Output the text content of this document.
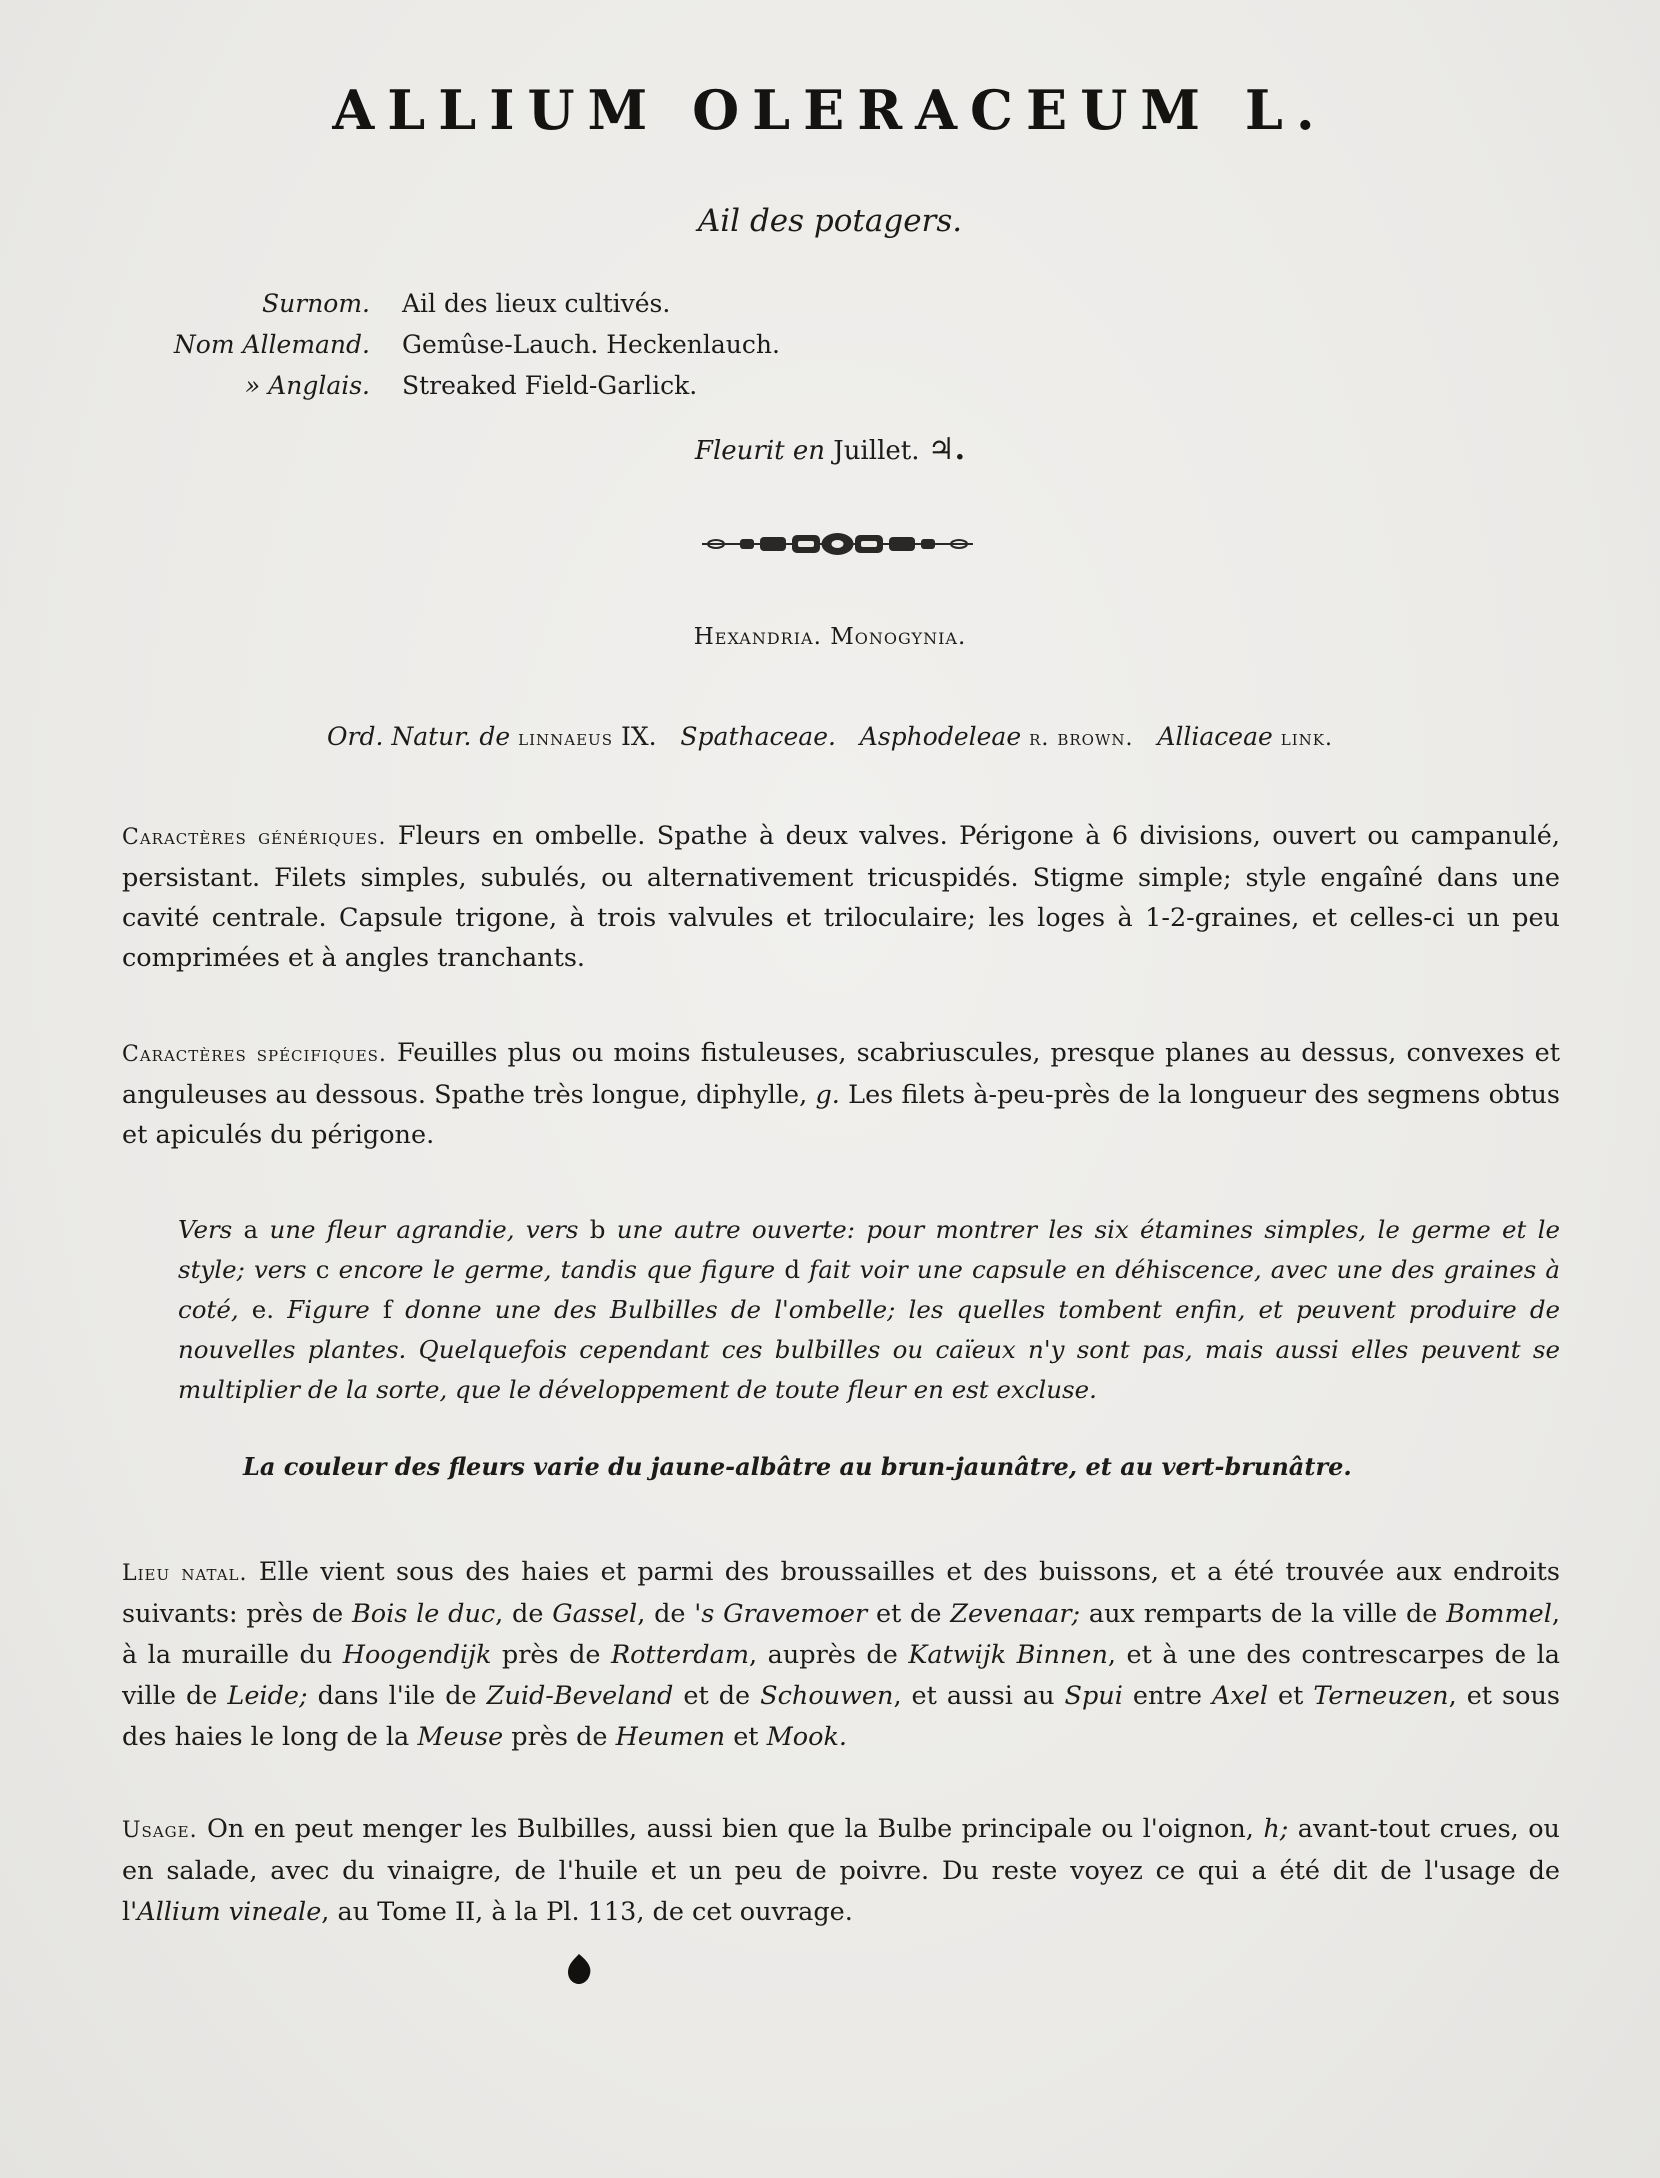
ALLIUM OLERACEUM L.
Ail des potagers.
Surnom.	Ail des lieux cultivés.
Nom Allemand.	Gemûse-Lauch. Heckenlauch.
» Anglais.	Streaked Field-Garlick.
Fleurit en Juillet. ♃.
Hexandria. Monogynia.
Ord. Natur. de linnaeus IX. Spathaceae. Asphodeleae r. brown. Alliaceae link.

Caractères génériques. Fleurs en ombelle. Spathe à deux valves. Périgone à 6 divisions, ouvert ou campanulé, persistant. Filets simples, subulés, ou alternativement tricuspidés. Stigme simple; style engaîné dans une cavité centrale. Capsule trigone, à trois valvules et triloculaire; les loges à 1-2-graines, et celles-ci un peu comprimées et à angles tranchants.

Caractères spécifiques. Feuilles plus ou moins fistuleuses, scabriuscules, presque planes au dessus, convexes et anguleuses au dessous. Spathe très longue, diphylle, g. Les filets à-peu-près de la longueur des segmens obtus et apiculés du périgone.

Vers a une fleur agrandie, vers b une autre ouverte: pour montrer les six étamines simples, le germe et le style; vers c encore le germe, tandis que figure d fait voir une capsule en déhiscence, avec une des graines à coté, e. Figure f donne une des Bulbilles de l'ombelle; les quelles tombent enfin, et peuvent produire de nouvelles plantes. Quelquefois cependant ces bulbilles ou caïeux n'y sont pas, mais aussi elles peuvent se multiplier de la sorte, que le développement de toute fleur en est excluse.

La couleur des fleurs varie du jaune-albâtre au brun-jaunâtre, et au vert-brunâtre.

Lieu natal. Elle vient sous des haies et parmi des broussailles et des buissons, et a été trouvée aux endroits suivants: près de Bois le duc, de Gassel, de 's Gravemoer et de Zevenaar; aux remparts de la ville de Bommel, à la muraille du Hoogendijk près de Rotterdam, auprès de Katwijk Binnen, et à une des contrescarpes de la ville de Leide; dans l'ile de Zuid-Beveland et de Schouwen, et aussi au Spui entre Axel et Terneuzen, et sous des haies le long de la Meuse près de Heumen et Mook.

Usage. On en peut menger les Bulbilles, aussi bien que la Bulbe principale ou l'oignon, h; avant-tout crues, ou en salade, avec du vinaigre, de l'huile et un peu de poivre. Du reste voyez ce qui a été dit de l'usage de l'Allium vineale, au Tome II, à la Pl. 113, de cet ouvrage.
